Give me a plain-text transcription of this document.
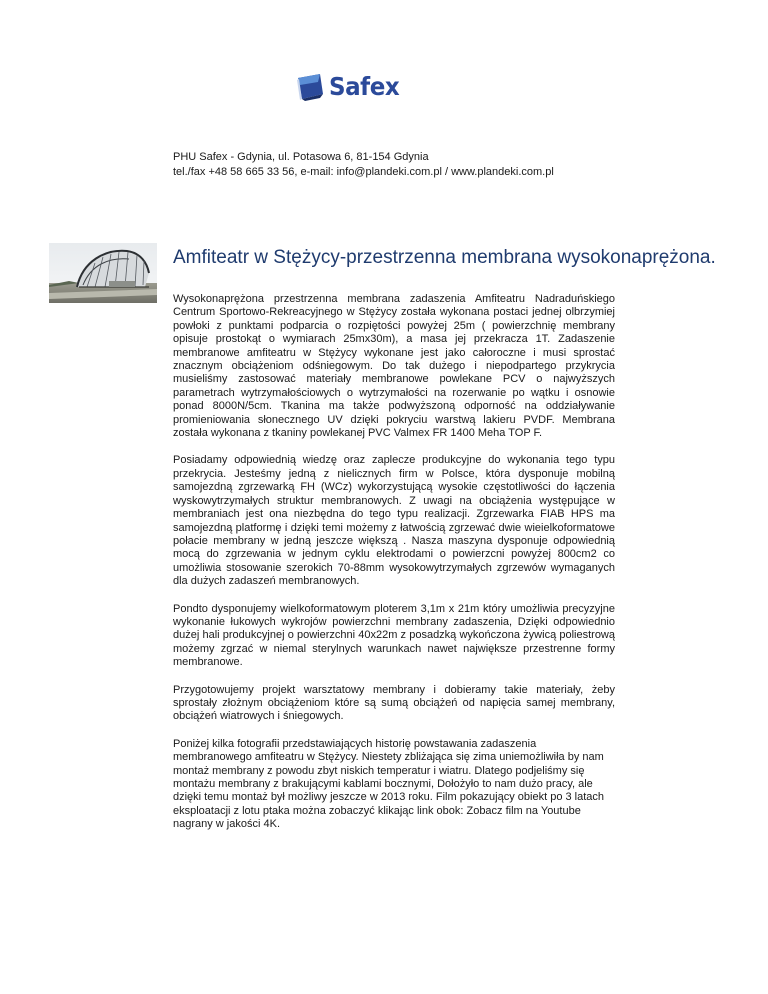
Safex
PHU Safex - Gdynia, ul. Potasowa 6, 81-154 Gdynia
tel./fax +48 58 665 33 56, e-mail: info@plandeki.com.pl / www.plandeki.com.pl
Amfiteatr w Stężycy-przestrzenna membrana wysokonaprężona.

Wysokonaprężona przestrzenna membrana zadaszenia Amfiteatru Nadraduńskiego Centrum Sportowo-Rekreacyjnego w Stężycy została wykonana postaci jednej olbrzymiej powłoki z punktami podparcia o rozpiętości powyżej 25m ( powierzchnię membrany opisuje prostokąt o wymiarach 25mx30m), a masa jej przekracza 1T. Zadaszenie membranowe amfiteatru w Stężycy wykonane jest jako całoroczne i musi sprostać znacznym obciążeniom odśniegowym. Do tak dużego i niepodpartego przykrycia musieliśmy zastosować materiały membranowe powlekane PCV o najwyższych parametrach wytrzymałościowych o wytrzymałości na rozerwanie po wątku i osnowie ponad 8000N/5cm. Tkanina ma także podwyższoną odporność na oddziaływanie promieniowania słonecznego UV dzięki pokryciu warstwą lakieru PVDF. Membrana została wykonana z tkaniny powlekanej PVC Valmex FR 1400 Meha TOP F.

Posiadamy odpowiednią wiedzę oraz zaplecze produkcyjne do wykonania tego typu przekrycia. Jesteśmy jedną z nielicznych firm w Polsce, która dysponuje mobilną samojezdną zgrzewarką FH (WCz) wykorzystującą wysokie częstotliwości do łączenia wyskowytrzymałych struktur membranowych. Z uwagi na obciążenia występujące w membraniach jest ona niezbędna do tego typu realizacji. Zgrzewarka FIAB HPS ma samojezdną platformę i dzięki temi możemy z łatwością zgrzewać dwie wieielkoformatowe połacie membrany w jedną jeszcze większą . Nasza maszyna dysponuje odpowiednią mocą do zgrzewania w jednym cyklu elektrodami o powierzcni powyżej 800cm2 co umożliwia stosowanie szerokich 70-88mm wysokowytrzymałych zgrzewów wymaganych dla dużych zadaszeń membranowych.

Pondto dysponujemy wielkoformatowym ploterem 3,1m x 21m który umożliwia precyzyjne wykonanie łukowych wykrojów powierzchni membrany zadaszenia, Dzięki odpowiednio dużej hali produkcyjnej o powierzchni 40x22m z posadzką wykończona żywicą poliestrową możemy zgrzać w niemal sterylnych warunkach nawet największe przestrenne formy membranowe.

Przygotowujemy projekt warsztatowy membrany i dobieramy takie materiały, żeby sprostały złożnym obciążeniom które są sumą obciążeń od napięcia samej membrany, obciążeń wiatrowych i śniegowych.

Poniżej kilka fotografii przedstawiających historię powstawania zadaszenia membranowego amfiteatru w Stężycy. Niestety zbliżająca się zima uniemożliwiła by nam montaż membrany z powodu zbyt niskich temperatur i wiatru. Dlatego podjeliśmy się montażu membrany z brakującymi kablami bocznymi, Dołożyło to nam dużo pracy, ale dzięki temu montaż był możliwy jeszcze w 2013 roku. Film pokazujący obiekt po 3 latach eksploatacji z lotu ptaka można zobaczyć klikając link obok: Zobacz film na Youtube nagrany w jakości 4K.
